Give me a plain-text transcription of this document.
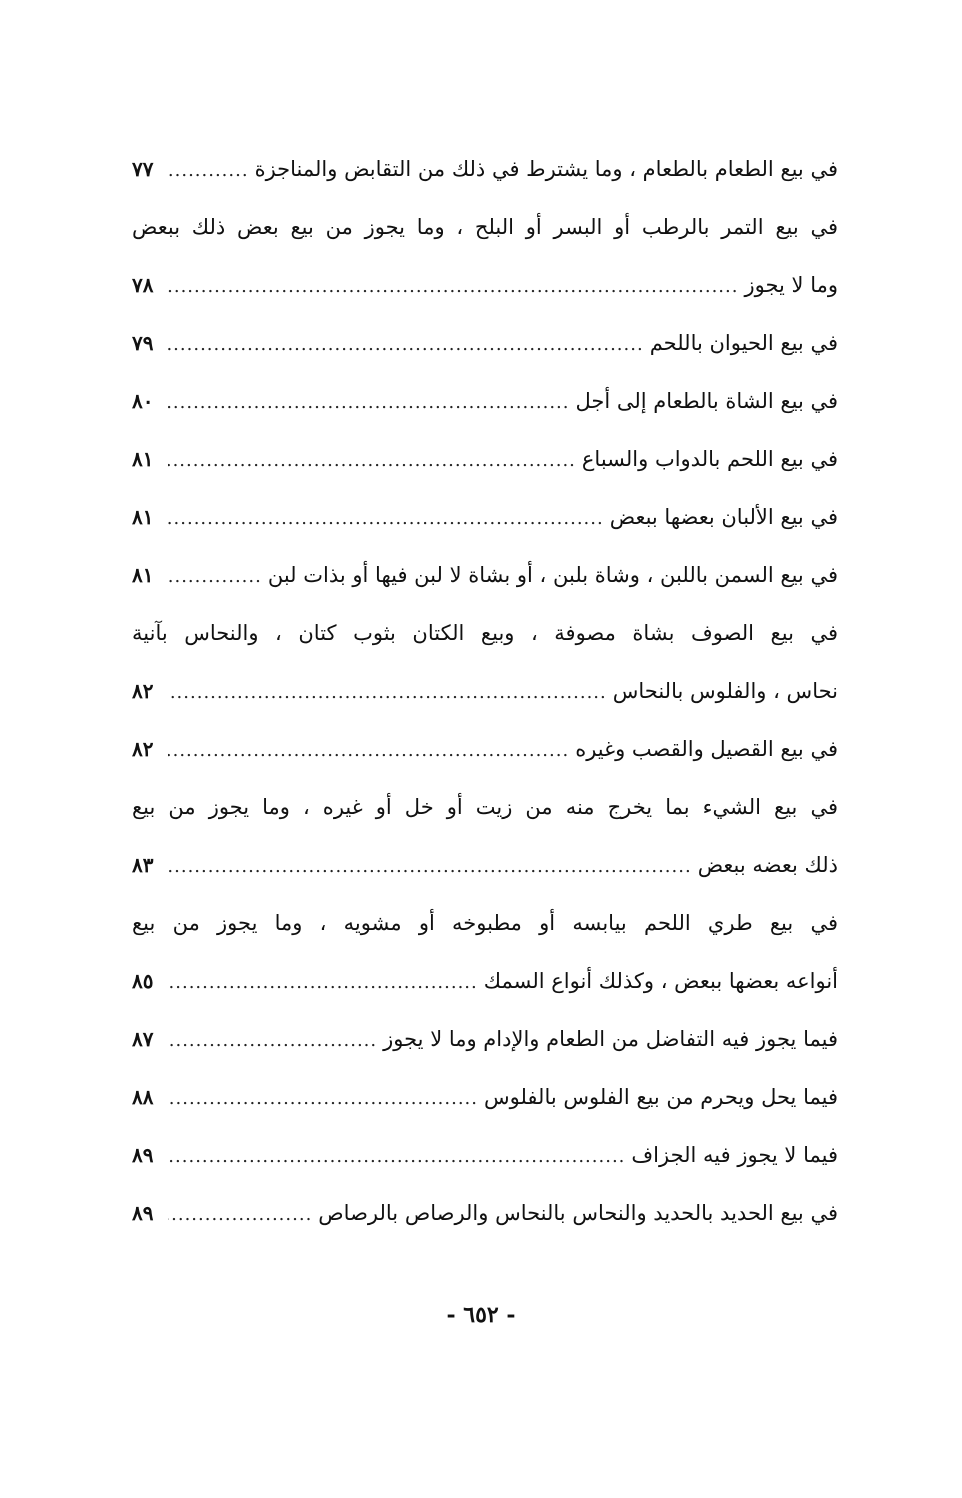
في بيع الطعام بالطعام ، وما يشترط في ذلك من التقابض والمناجزة
.....
٧٧
في بيع التمر بالرطب أو البسر أو البلح ، وما يجوز من بيع بعض ذلك ببعض
وما لا يجوز
.....
٧٨
في بيع الحيوان باللحم
.....
٧٩
في بيع الشاة بالطعام إلى أجل
.....
٨٠
في بيع اللحم بالدواب والسباع
.....
٨١
في بيع الألبان بعضها ببعض
.....
٨١
في بيع السمن باللبن ، وشاة بلبن ، أو بشاة لا لبن فيها أو بذات لبن
.....
٨١
في بيع الصوف بشاة مصوفة ، وبيع الكتان بثوب كتان ، والنحاس بآنية
نحاس ، والفلوس بالنحاس
.....
٨٢
في بيع القصيل والقصب وغيره
.....
٨٢
في بيع الشيء بما يخرج منه من زيت أو خل أو غيره ، وما يجوز من بيع
ذلك بعضه ببعض
.....
٨٣
في بيع طري اللحم بيابسه أو مطبوخه أو مشويه ، وما يجوز من بيع
أنواعه بعضها ببعض ، وكذلك أنواع السمك
.....
٨٥
فيما يجوز فيه التفاضل من الطعام والإدام وما لا يجوز
.....
٨٧
فيما يحل ويحرم من بيع الفلوس بالفلوس
.....
٨٨
فيما لا يجوز فيه الجزاف
.....
٨٩
في بيع الحديد بالحديد والنحاس بالنحاس والرصاص بالرصاص
.....
٨٩
- ٦٥٢ -
